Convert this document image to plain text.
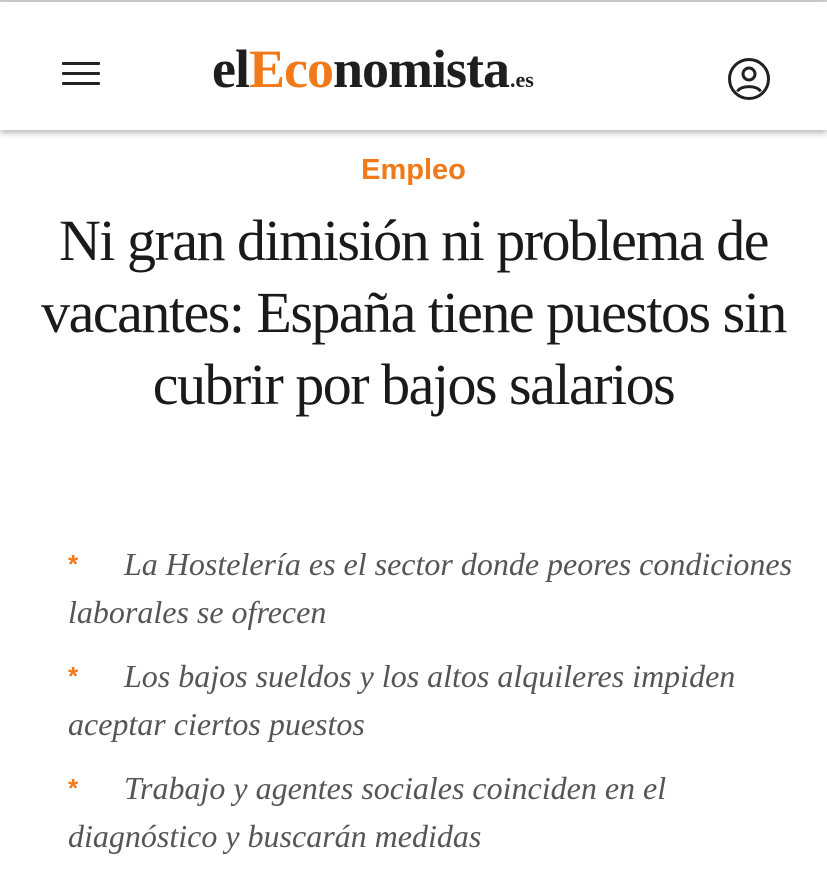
elEconomista.es
Empleo
Ni gran dimisión ni problema de vacantes: España tiene puestos sin cubrir por bajos salarios
* La Hostelería es el sector donde peores condiciones laborales se ofrecen
* Los bajos sueldos y los altos alquileres impiden aceptar ciertos puestos
* Trabajo y agentes sociales coinciden en el diagnóstico y buscarán medidas
